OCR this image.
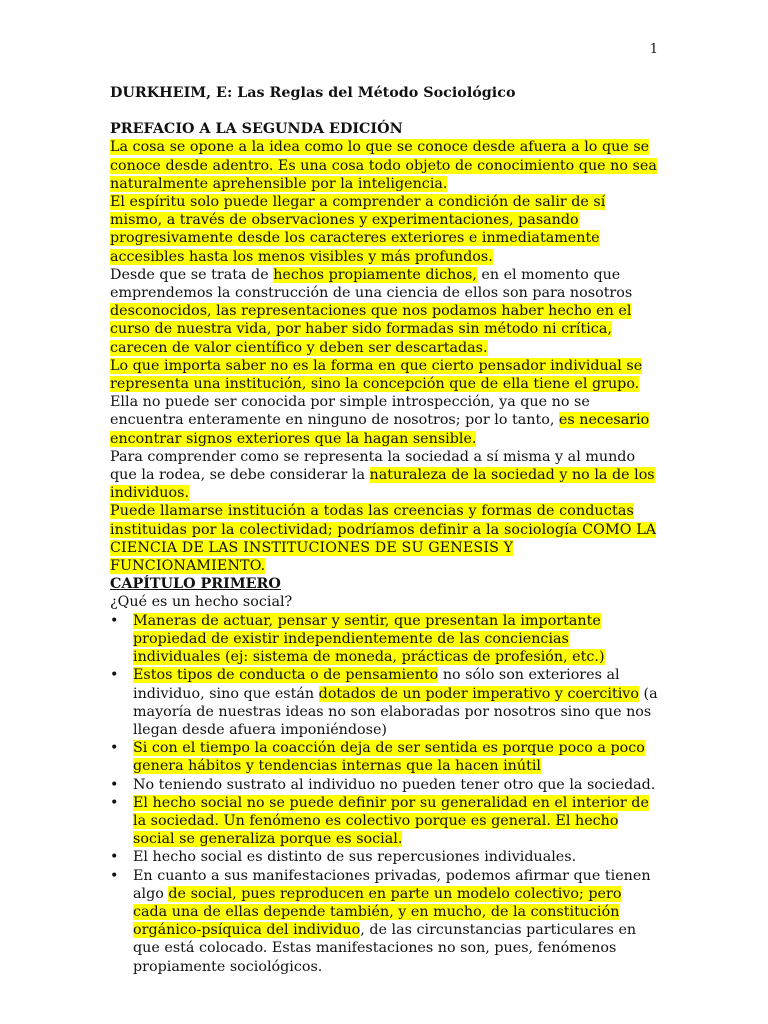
1

DURKHEIM, E: Las Reglas del Método Sociológico

PREFACIO A LA SEGUNDA EDICIÓN

La cosa se opone a la idea como lo que se conoce desde afuera a lo que se conoce desde adentro. Es una cosa todo objeto de conocimiento que no sea naturalmente aprehensible por la inteligencia.

El espíritu solo puede llegar a comprender a condición de salir de sí mismo, a través de observaciones y experimentaciones, pasando progresivamente desde los caracteres exteriores e inmediatamente accesibles hasta los menos visibles y más profundos.

Desde que se trata de hechos propiamente dichos, en el momento que emprendemos la construcción de una ciencia de ellos son para nosotros desconocidos, las representaciones que nos podamos haber hecho en el curso de nuestra vida, por haber sido formadas sin método ni crítica, carecen de valor científico y deben ser descartadas.

Lo que importa saber no es la forma en que cierto pensador individual se representa una institución, sino la concepción que de ella tiene el grupo. Ella no puede ser conocida por simple introspección, ya que no se encuentra enteramente en ninguno de nosotros; por lo tanto, es necesario encontrar signos exteriores que la hagan sensible.

Para comprender como se representa la sociedad a sí misma y al mundo que la rodea, se debe considerar la naturaleza de la sociedad y no la de los individuos.

Puede llamarse institución a todas las creencias y formas de conductas instituidas por la colectividad; podríamos definir a la sociología COMO LA CIENCIA DE LAS INSTITUCIONES DE SU GENESIS Y FUNCIONAMIENTO.

CAPÍTULO PRIMERO

¿Qué es un hecho social?

•	Maneras de actuar, pensar y sentir, que presentan la importante propiedad de existir independientemente de las conciencias individuales (ej: sistema de moneda, prácticas de profesión, etc.)
•	Estos tipos de conducta o de pensamiento no sólo son exteriores al individuo, sino que están dotados de un poder imperativo y coercitivo (a mayoría de nuestras ideas no son elaboradas por nosotros sino que nos llegan desde afuera imponiéndose)
•	Si con el tiempo la coacción deja de ser sentida es porque poco a poco genera hábitos y tendencias internas que la hacen inútil
•	No teniendo sustrato al individuo no pueden tener otro que la sociedad.
•	El hecho social no se puede definir por su generalidad en el interior de la sociedad. Un fenómeno es colectivo porque es general. El hecho social se generaliza porque es social.
•	El hecho social es distinto de sus repercusiones individuales.
•	En cuanto a sus manifestaciones privadas, podemos afirmar que tienen algo de social, pues reproducen en parte un modelo colectivo; pero cada una de ellas depende también, y en mucho, de la constitución orgánico-psíquica del individuo, de las circunstancias particulares en que está colocado. Estas manifestaciones no son, pues, fenómenos propiamente sociológicos.
